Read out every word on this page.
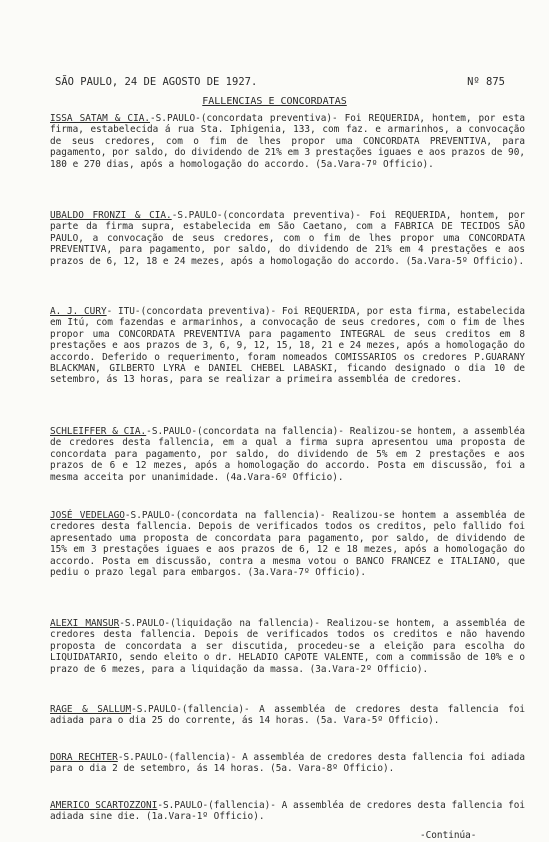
SÃO PAULO, 24 DE AGOSTO DE 1927.	Nº 875
FALLENCIAS E CONCORDATAS

ISSA SATAM & CIA.-S.PAULO-(concordata preventiva)- Foi REQUERIDA, hontem, por esta firma, estabelecida á rua Sta. Iphigenia, 133, com faz. e armarinhos, a convocação de seus credores, com o fim de lhes propor uma CONCORDATA PREVENTIVA, para pagamento, por saldo, do dividendo de 21% em 3 prestações iguaes e aos prazos de 90, 180 e 270 dias, após a homologação do accordo. (5a.Vara-7º Officio).

UBALDO FRONZI & CIA.-S.PAULO-(concordata preventiva)- Foi REQUERIDA, hontem, por parte da firma supra, estabelecida em São Caetano, com a FABRICA DE TECIDOS SÃO PAULO, a convocação de seus credores, com o fim de lhes propor uma CONCORDATA PREVENTIVA, para pagamento, por saldo, do dividendo de 21% em 4 prestações e aos prazos de 6, 12, 18 e 24 mezes, após a homologação do accordo. (5a.Vara-5º Officio).

A. J. CURY- ITU-(concordata preventiva)- Foi REQUERIDA, por esta firma, estabelecida em Itú, com fazendas e armarinhos, a convocação de seus credores, com o fim de lhes propor uma CONCORDATA PREVENTIVA para pagamento INTEGRAL de seus creditos em 8 prestações e aos prazos de 3, 6, 9, 12, 15, 18, 21 e 24 mezes, após a homologação do accordo. Deferido o requerimento, foram nomeados COMISSARIOS os credores P.GUARANY BLACKMAN, GILBERTO LYRA e DANIEL CHEBEL LABASKI, ficando designado o dia 10 de setembro, ás 13 horas, para se realizar a primeira assembléa de credores.

SCHLEIFFER & CIA.-S.PAULO-(concordata na fallencia)- Realizou-se hontem, a assembléa de credores desta fallencia, em a qual a firma supra apresentou uma proposta de concordata para pagamento, por saldo, do dividendo de 5% em 2 prestações e aos prazos de 6 e 12 mezes, após a homologação do accordo. Posta em discussão, foi a mesma acceita por unanimidade. (4a.Vara-6º Officio).

JOSÉ VEDELAGO-S.PAULO-(concordata na fallencia)- Realizou-se hontem a assembléa de credores desta fallencia. Depois de verificados todos os creditos, pelo fallido foi apresentado uma proposta de concordata para pagamento, por saldo, de dividendo de 15% em 3 prestações iguaes e aos prazos de 6, 12 e 18 mezes, após a homologação do accordo. Posta em discussão, contra a mesma votou o BANCO FRANCEZ e ITALIANO, que pediu o prazo legal para embargos. (3a.Vara-7º Officio).

ALEXI MANSUR-S.PAULO-(liquidação na fallencia)- Realizou-se hontem, a assembléa de credores desta fallencia. Depois de verificados todos os creditos e não havendo proposta de concordata a ser discutida, procedeu-se a eleição para escolha do LIQUIDATARIO, sendo eleito o dr. HELADIO CAPOTE VALENTE, com a commissão de 10% e o prazo de 6 mezes, para a liquidação da massa. (3a.Vara-2º Officio).

RAGE & SALLUM-S.PAULO-(fallencia)- A assembléa de credores desta fallencia foi adiada para o dia 25 do corrente, ás 14 horas. (5a. Vara-5º Officio).

DORA RECHTER-S.PAULO-(fallencia)- A assembléa de credores desta fallencia foi adiada para o dia 2 de setembro, ás 14 horas. (5a. Vara-8º Officio).

AMERICO SCARTOZZONI-S.PAULO-(fallencia)- A assembléa de credores desta fallencia foi adiada sine die. (1a.Vara-1º Officio).

-Continúa-
